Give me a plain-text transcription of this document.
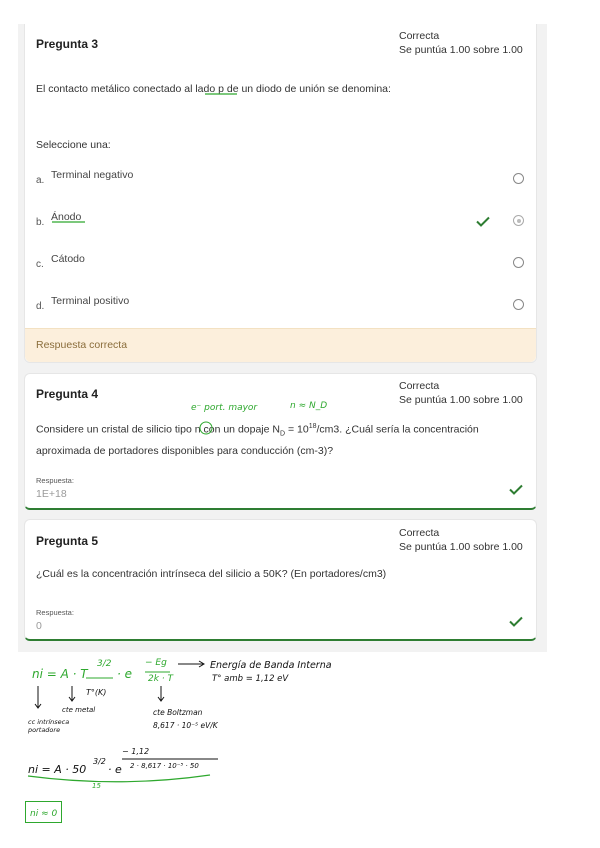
Pregunta 3
Correcta
Se puntúa 1.00 sobre 1.00
El contacto metálico conectado al lado p de un diodo de unión se denomina:
Seleccione una:
a. Terminal negativo
b. Ánodo
c. Cátodo
d. Terminal positivo
Respuesta correcta
Pregunta 4
Correcta
Se puntúa 1.00 sobre 1.00
Considere un cristal de silicio tipo n con un dopaje $N_D = 10^{18}/cm3$. ¿Cuál sería la concentración
aproximada de portadores disponibles para conducción (cm-3)?
Respuesta:
1E+18
e⁻ port. mayor	n ≈ N_D
Pregunta 5
Correcta
Se puntúa 1.00 sobre 1.00
¿Cuál es la concentración intrínseca del silicio a 50K? (En portadores/cm3)
Respuesta:
0
ni = A · T
3/2
· e
− Eg
2k · T
Energía de Banda Interna
T° amb = 1,12 eV
T°(K)
cte metal
cc intrínseca portadore
cte Boltzman
8,617 · 10⁻⁵ eV/K
ni = A · 50
3/2
· e
− 1,12
2 · 8,617 · 10⁻⁵ · 50
15
ni ≈ 0
